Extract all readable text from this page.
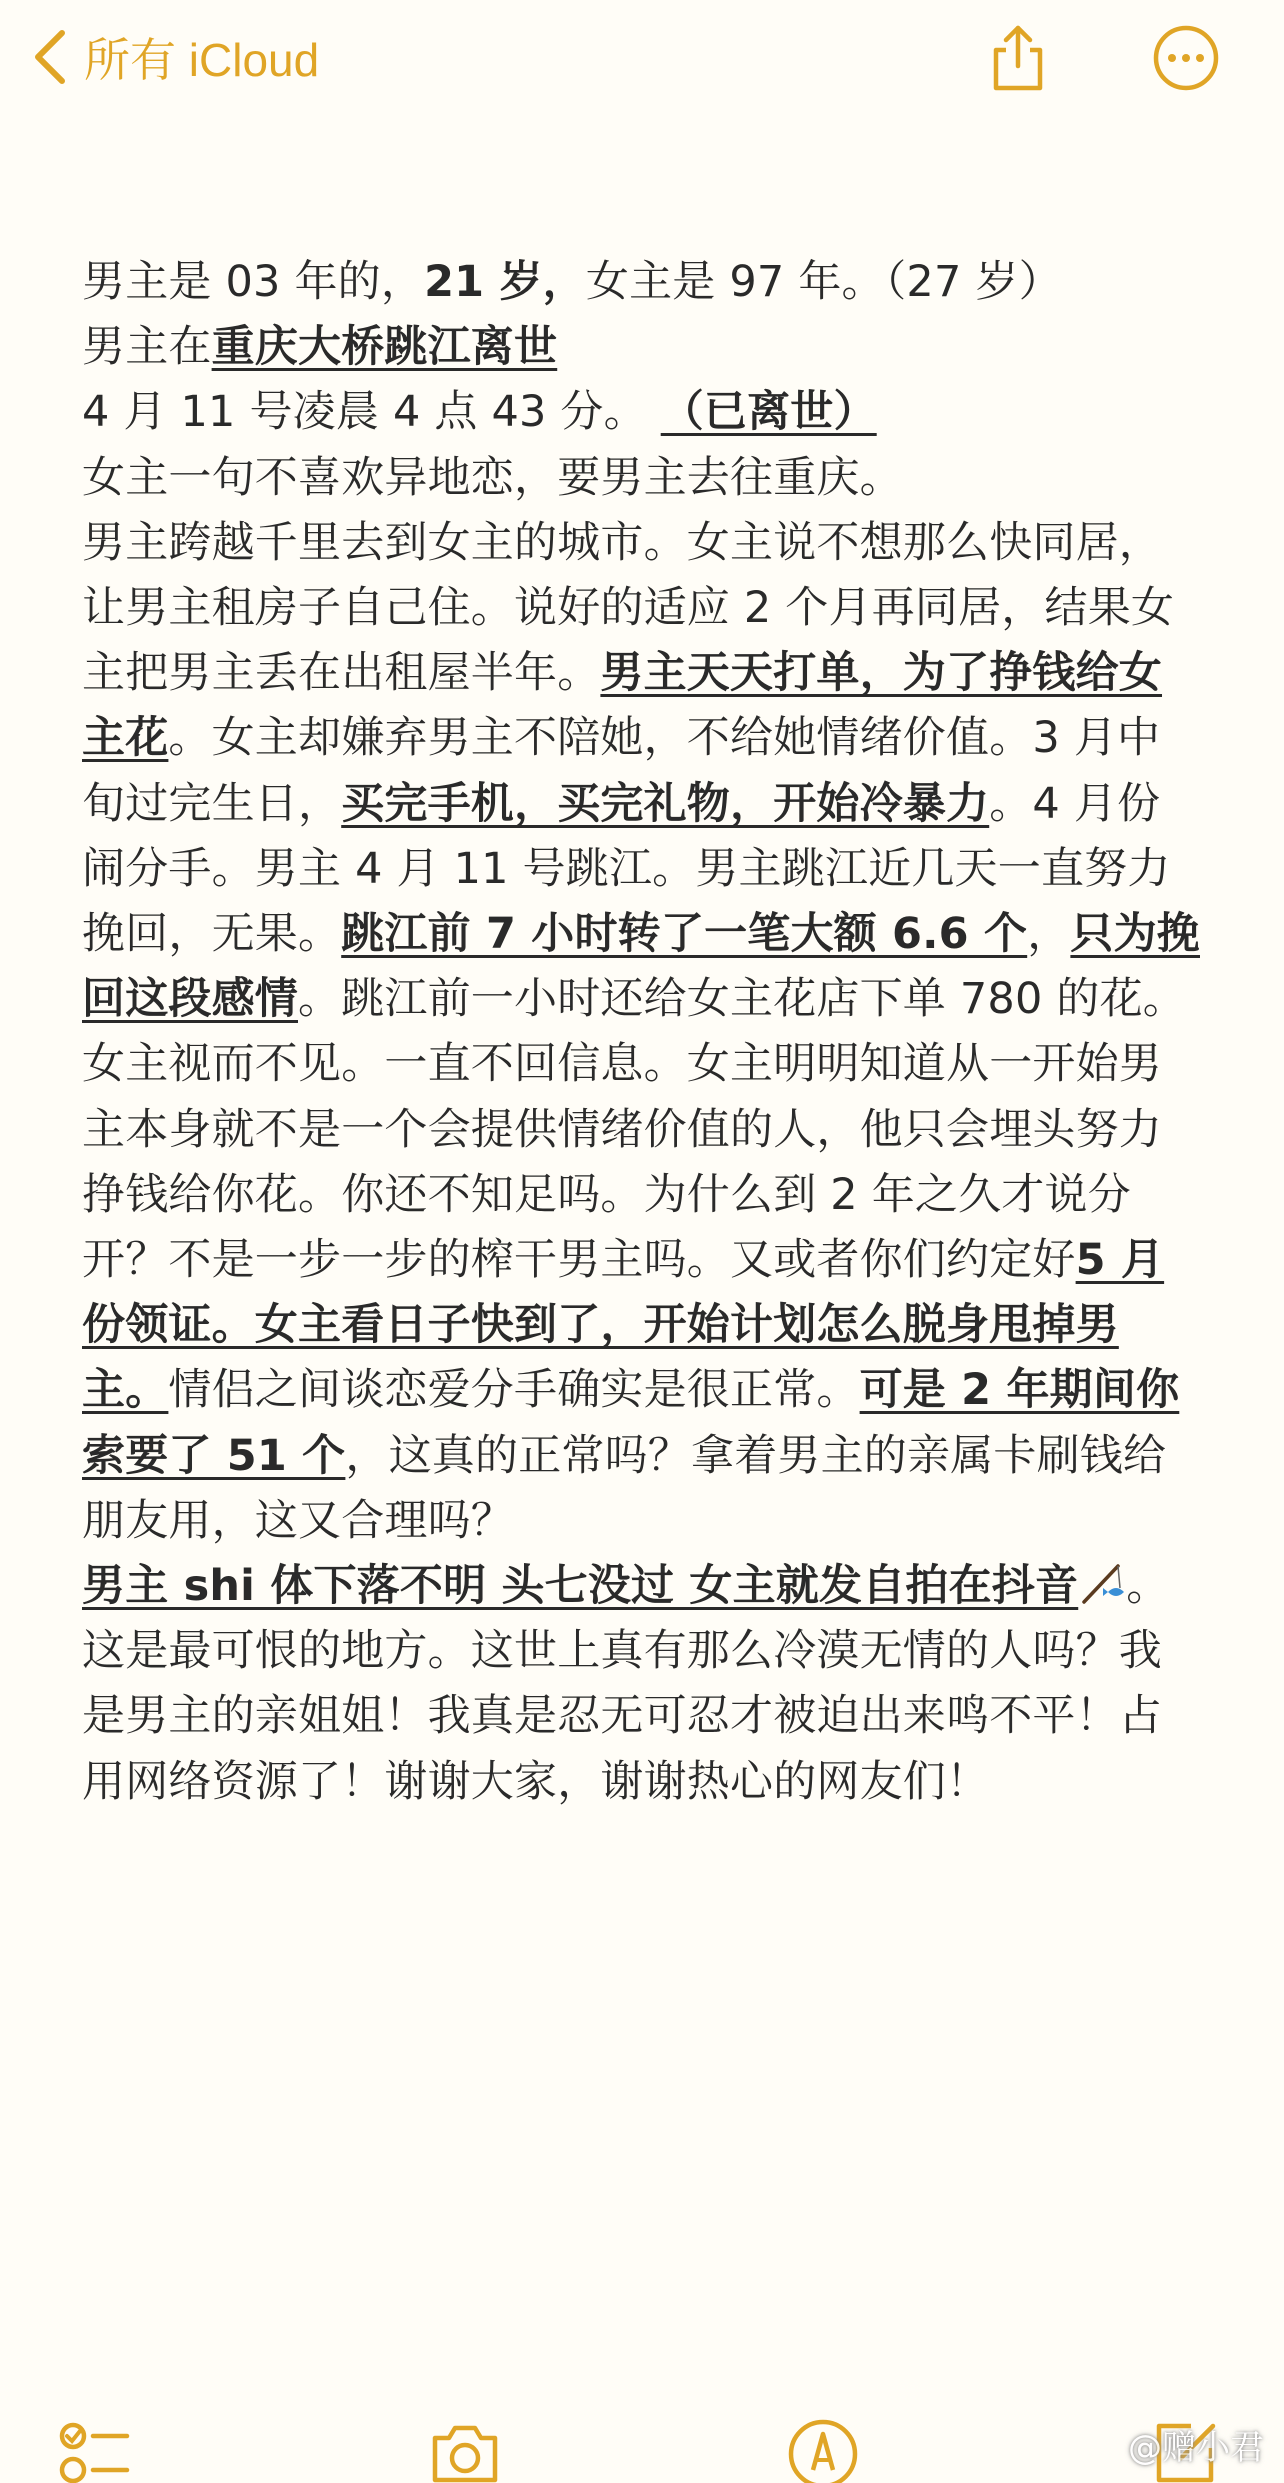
所有 iCloud

男主是 03 年的，21 岁，女主是 97 年。（27 岁）

男主在重庆大桥跳江离世

4 月 11 号凌晨 4 点 43 分。 （已离世）

女主一句不喜欢异地恋，要男主去往重庆。

男主跨越千里去到女主的城市。女主说不想那么快同居，让男主租房子自己住。说好的适应 2 个月再同居，结果女主把男主丢在出租屋半年。男主天天打单，为了挣钱给女主花。女主却嫌弃男主不陪她，不给她情绪价值。3 月中旬过完生日，买完手机，买完礼物，开始冷暴力。4 月份闹分手。男主 4 月 11 号跳江。男主跳江近几天一直努力挽回，无果。跳江前 7 小时转了一笔大额 6.6 个，只为挽回这段感情。跳江前一小时还给女主花店下单 780 的花。女主视而不见。一直不回信息。女主明明知道从一开始男主本身就不是一个会提供情绪价值的人，他只会埋头努力挣钱给你花。你还不知足吗。为什么到 2 年之久才说分开？不是一步一步的榨干男主吗。又或者你们约定好5 月份领证。女主看日子快到了，开始计划怎么脱身甩掉男主。情侣之间谈恋爱分手确实是很正常。可是 2 年期间你索要了 51 个，这真的正常吗？拿着男主的亲属卡刷钱给朋友用，这又合理吗？

男主 shi 体下落不明 头七没过 女主就发自拍在抖音 。这是最可恨的地方。这世上真有那么冷漠无情的人吗？我是男主的亲姐姐！我真是忍无可忍才被迫出来鸣不平！占用网络资源了！谢谢大家，谢谢热心的网友们！

@赠小君
